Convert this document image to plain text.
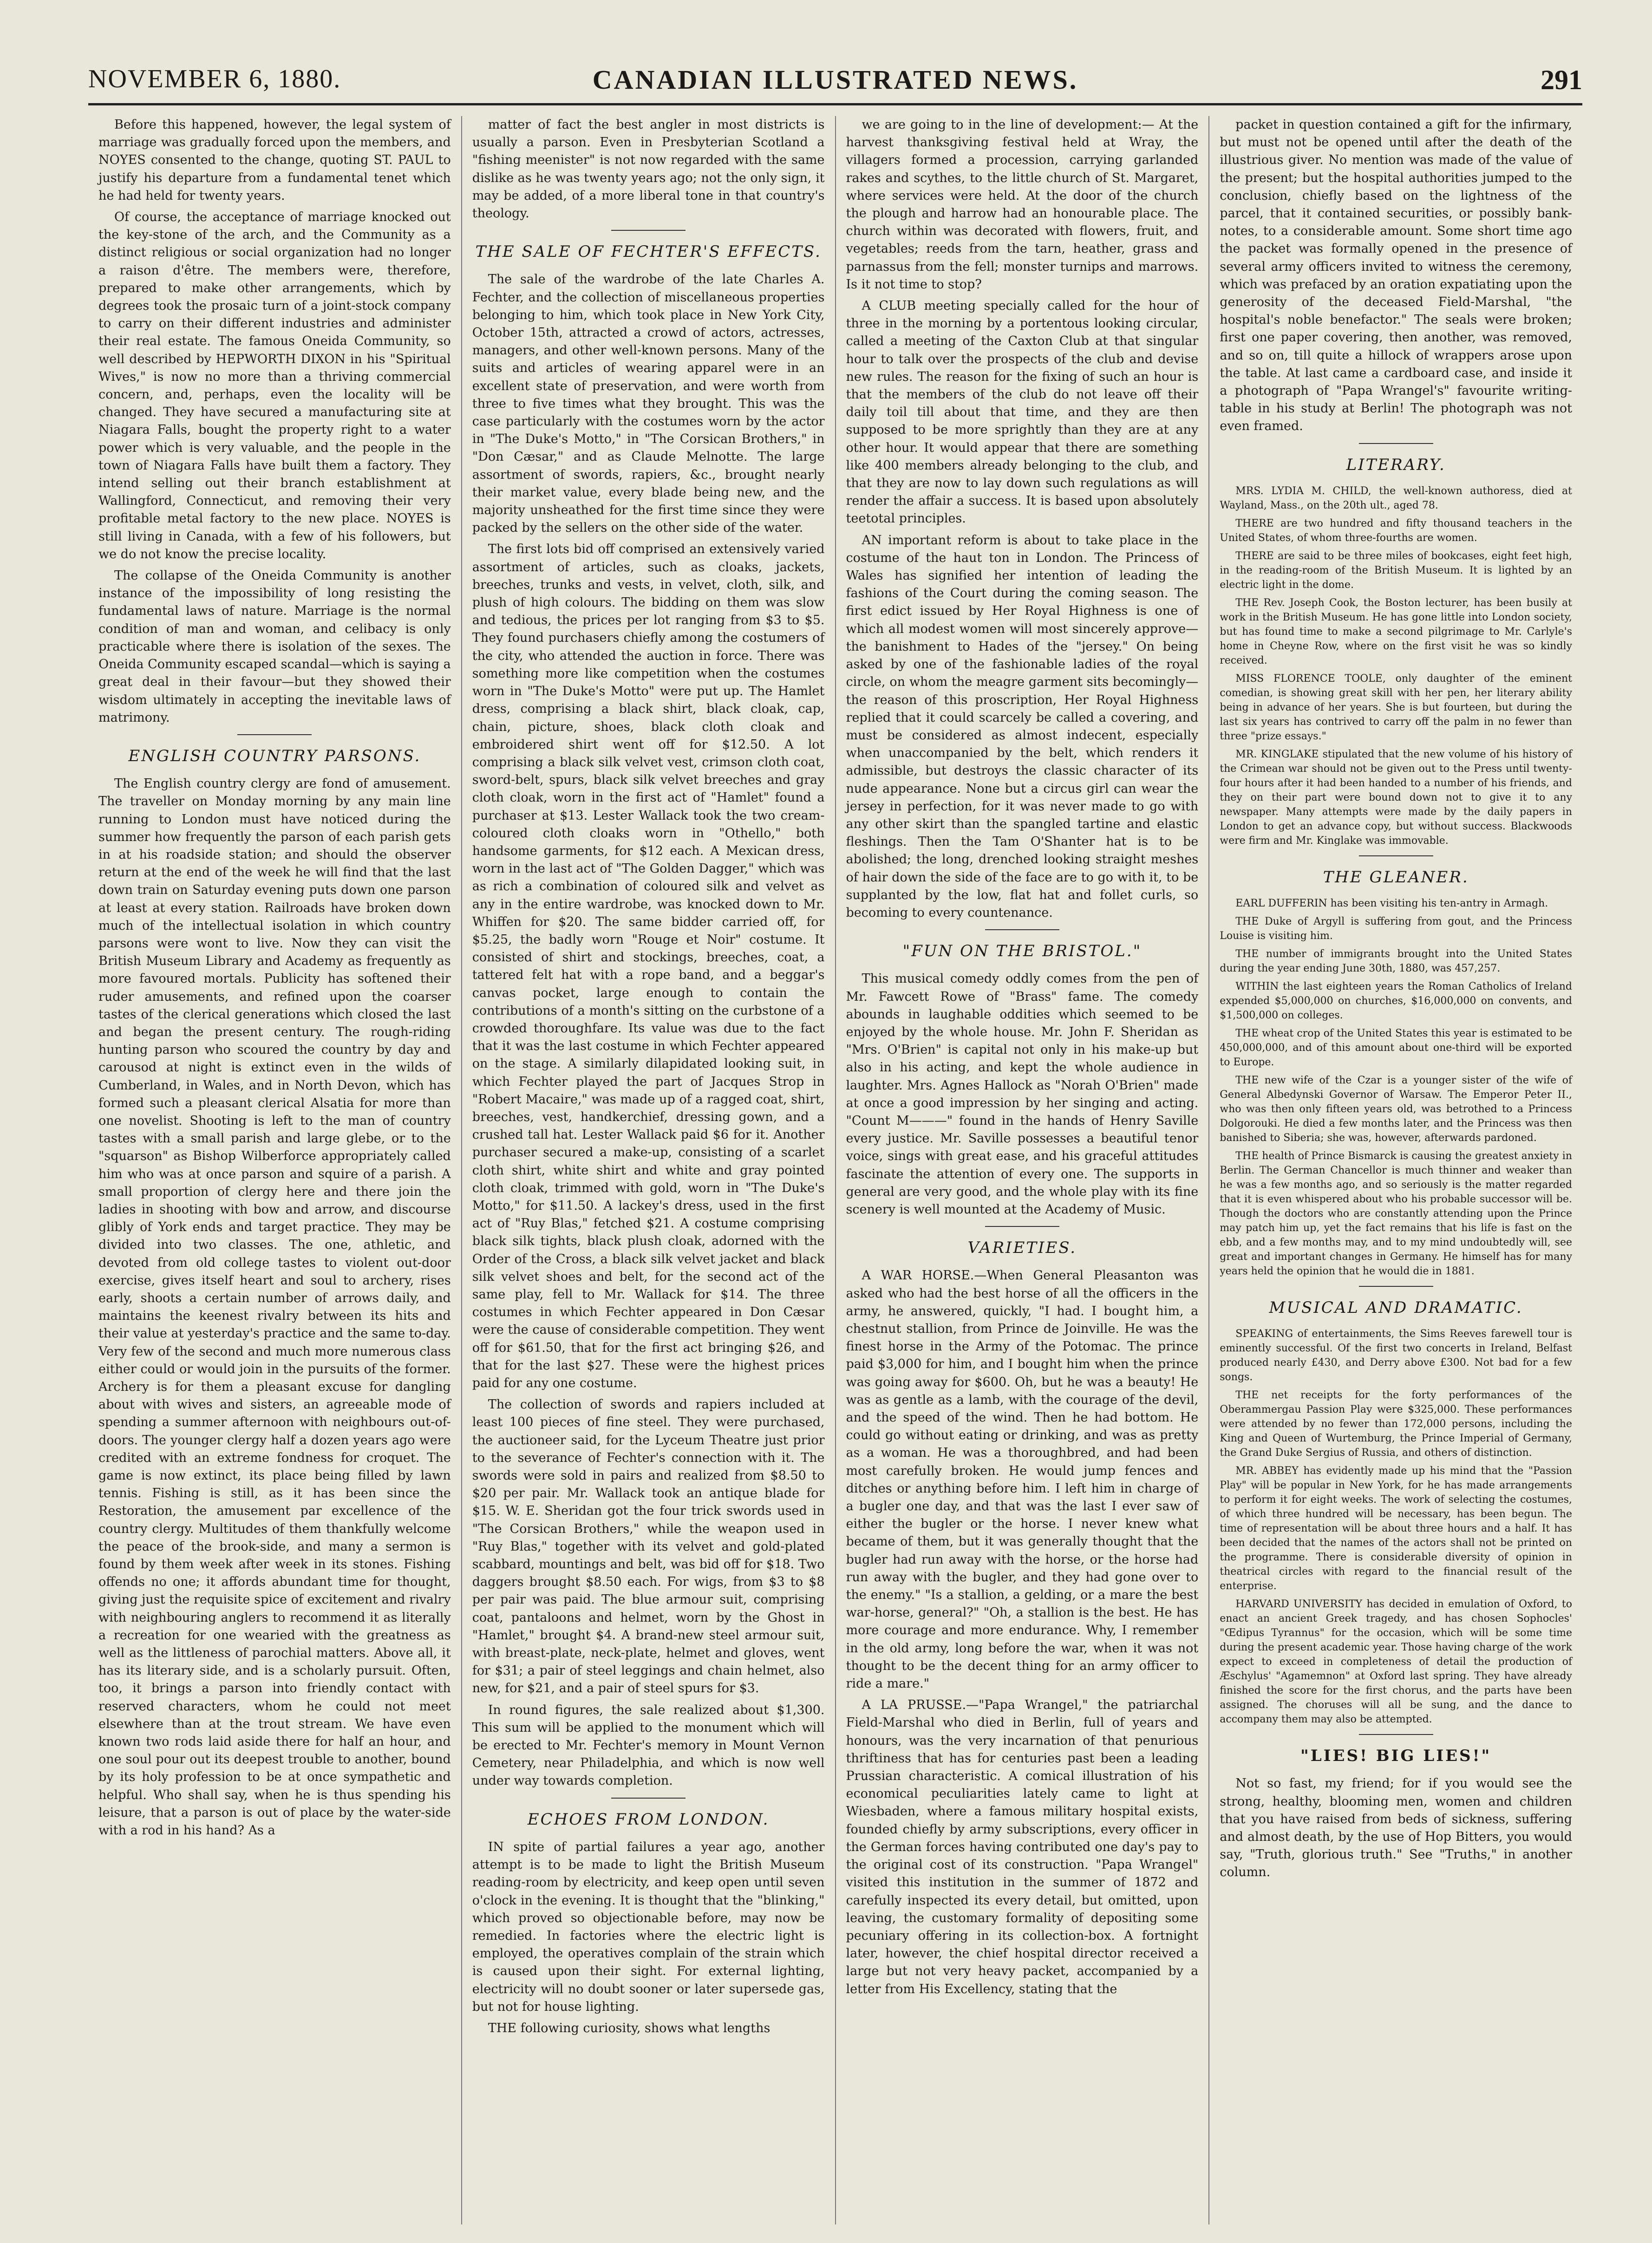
NOVEMBER 6, 1880.	CANADIAN ILLUSTRATED NEWS.	291

Before this happened, however, the legal system of marriage was gradually forced upon the members, and NOYES consented to the change, quoting ST. PAUL to justify his departure from a fundamental tenet which he had held for twenty years.

Of course, the acceptance of marriage knocked out the key-stone of the arch, and the Community as a distinct religious or social organization had no longer a raison d'être. The members were, therefore, prepared to make other arrangements, which by degrees took the prosaic turn of a joint-stock company to carry on their different industries and administer their real estate. The famous Oneida Community, so well described by HEPWORTH DIXON in his "Spiritual Wives," is now no more than a thriving commercial concern, and, perhaps, even the locality will be changed. They have secured a manufacturing site at Niagara Falls, bought the property right to a water power which is very valuable, and the people in the town of Niagara Falls have built them a factory. They intend selling out their branch establishment at Wallingford, Connecticut, and removing their very profitable metal factory to the new place. NOYES is still living in Canada, with a few of his followers, but we do not know the precise locality.

The collapse of the Oneida Community is another instance of the impossibility of long resisting the fundamental laws of nature. Marriage is the normal condition of man and woman, and celibacy is only practicable where there is isolation of the sexes. The Oneida Community escaped scandal—which is saying a great deal in their favour—but they showed their wisdom ultimately in accepting the inevitable laws of matrimony.

ENGLISH COUNTRY PARSONS.

The English country clergy are fond of amusement. The traveller on Monday morning by any main line running to London must have noticed during the summer how frequently the parson of each parish gets in at his roadside station; and should the observer return at the end of the week he will find that the last down train on Saturday evening puts down one parson at least at every station. Railroads have broken down much of the intellectual isolation in which country parsons were wont to live. Now they can visit the British Museum Library and Academy as frequently as more favoured mortals. Publicity has softened their ruder amusements, and refined upon the coarser tastes of the clerical generations which closed the last and began the present century. The rough-riding hunting parson who scoured the country by day and carousod at night is extinct even in the wilds of Cumberland, in Wales, and in North Devon, which has formed such a pleasant clerical Alsatia for more than one novelist. Shooting is left to the man of country tastes with a small parish and large glebe, or to the "squarson" as Bishop Wilberforce appropriately called him who was at once parson and squire of a parish. A small proportion of clergy here and there join the ladies in shooting with bow and arrow, and discourse glibly of York ends and target practice. They may be divided into two classes. The one, athletic, and devoted from old college tastes to violent out-door exercise, gives itself heart and soul to archery, rises early, shoots a certain number of arrows daily, and maintains the keenest rivalry between its hits and their value at yesterday's practice and the same to-day. Very few of the second and much more numerous class either could or would join in the pursuits of the former. Archery is for them a pleasant excuse for dangling about with wives and sisters, an agreeable mode of spending a summer afternoon with neighbours out-of-doors. The younger clergy half a dozen years ago were credited with an extreme fondness for croquet. The game is now extinct, its place being filled by lawn tennis. Fishing is still, as it has been since the Restoration, the amusement par excellence of the country clergy. Multitudes of them thankfully welcome the peace of the brook-side, and many a sermon is found by them week after week in its stones. Fishing offends no one; it affords abundant time for thought, giving just the requisite spice of excitement and rivalry with neighbouring anglers to recommend it as literally a recreation for one wearied with the greatness as well as the littleness of parochial matters. Above all, it has its literary side, and is a scholarly pursuit. Often, too, it brings a parson into friendly contact with reserved characters, whom he could not meet elsewhere than at the trout stream. We have even known two rods laid aside there for half an hour, and one soul pour out its deepest trouble to another, bound by its holy profession to be at once sympathetic and helpful. Who shall say, when he is thus spending his leisure, that a parson is out of place by the water-side with a rod in his hand? As a

matter of fact the best angler in most districts is usually a parson. Even in Presbyterian Scotland a "fishing meenister" is not now regarded with the same dislike as he was twenty years ago; not the only sign, it may be added, of a more liberal tone in that country's theology.

THE SALE OF FECHTER'S EFFECTS.

The sale of the wardrobe of the late Charles A. Fechter, and the collection of miscellaneous properties belonging to him, which took place in New York City, October 15th, attracted a crowd of actors, actresses, managers, and other well-known persons. Many of the suits and articles of wearing apparel were in an excellent state of preservation, and were worth from three to five times what they brought. This was the case particularly with the costumes worn by the actor in "The Duke's Motto," in "The Corsican Brothers," in "Don Cæsar," and as Claude Melnotte. The large assortment of swords, rapiers, &c., brought nearly their market value, every blade being new, and the majority unsheathed for the first time since they were packed by the sellers on the other side of the water.

The first lots bid off comprised an extensively varied assortment of articles, such as cloaks, jackets, breeches, trunks and vests, in velvet, cloth, silk, and plush of high colours. The bidding on them was slow and tedious, the prices per lot ranging from $3 to $5. They found purchasers chiefly among the costumers of the city, who attended the auction in force. There was something more like competition when the costumes worn in "The Duke's Motto" were put up. The Hamlet dress, comprising a black shirt, black cloak, cap, chain, picture, shoes, black cloth cloak and embroidered shirt went off for $12.50. A lot comprising a black silk velvet vest, crimson cloth coat, sword-belt, spurs, black silk velvet breeches and gray cloth cloak, worn in the first act of "Hamlet" found a purchaser at $13. Lester Wallack took the two cream-coloured cloth cloaks worn in "Othello," both handsome garments, for $12 each. A Mexican dress, worn in the last act of "The Golden Dagger," which was as rich a combination of coloured silk and velvet as any in the entire wardrobe, was knocked down to Mr. Whiffen for $20. The same bidder carried off, for $5.25, the badly worn "Rouge et Noir" costume. It consisted of shirt and stockings, breeches, coat, a tattered felt hat with a rope band, and a beggar's canvas pocket, large enough to contain the contributions of a month's sitting on the curbstone of a crowded thoroughfare. Its value was due to the fact that it was the last costume in which Fechter appeared on the stage. A similarly dilapidated looking suit, in which Fechter played the part of Jacques Strop in "Robert Macaire," was made up of a ragged coat, shirt, breeches, vest, handkerchief, dressing gown, and a crushed tall hat. Lester Wallack paid $6 for it. Another purchaser secured a make-up, consisting of a scarlet cloth shirt, white shirt and white and gray pointed cloth cloak, trimmed with gold, worn in "The Duke's Motto," for $11.50. A lackey's dress, used in the first act of "Ruy Blas," fetched $21. A costume comprising black silk tights, black plush cloak, adorned with the Order of the Cross, a black silk velvet jacket and black silk velvet shoes and belt, for the second act of the same play, fell to Mr. Wallack for $14. The three costumes in which Fechter appeared in Don Cæsar were the cause of considerable competition. They went off for $61.50, that for the first act bringing $26, and that for the last $27. These were the highest prices paid for any one costume.

The collection of swords and rapiers included at least 100 pieces of fine steel. They were purchased, the auctioneer said, for the Lyceum Theatre just prior to the severance of Fechter's connection with it. The swords were sold in pairs and realized from $8.50 to $20 per pair. Mr. Wallack took an antique blade for $15. W. E. Sheridan got the four trick swords used in "The Corsican Brothers," while the weapon used in "Ruy Blas," together with its velvet and gold-plated scabbard, mountings and belt, was bid off for $18. Two daggers brought $8.50 each. For wigs, from $3 to $8 per pair was paid. The blue armour suit, comprising coat, pantaloons and helmet, worn by the Ghost in "Hamlet," brought $4. A brand-new steel armour suit, with breast-plate, neck-plate, helmet and gloves, went for $31; a pair of steel leggings and chain helmet, also new, for $21, and a pair of steel spurs for $3.

In round figures, the sale realized about $1,300. This sum will be applied to the monument which will be erected to Mr. Fechter's memory in Mount Vernon Cemetery, near Philadelphia, and which is now well under way towards completion.

ECHOES FROM LONDON.

IN spite of partial failures a year ago, another attempt is to be made to light the British Museum reading-room by electricity, and keep open until seven o'clock in the evening. It is thought that the "blinking," which proved so objectionable before, may now be remedied. In factories where the electric light is employed, the operatives complain of the strain which is caused upon their sight. For external lighting, electricity will no doubt sooner or later supersede gas, but not for house lighting.

THE following curiosity, shows what lengths

we are going to in the line of development:— At the harvest thanksgiving festival held at Wray, the villagers formed a procession, carrying garlanded rakes and scythes, to the little church of St. Margaret, where services were held. At the door of the church the plough and harrow had an honourable place. The church within was decorated with flowers, fruit, and vegetables; reeds from the tarn, heather, grass and parnassus from the fell; monster turnips and marrows. Is it not time to stop?

A CLUB meeting specially called for the hour of three in the morning by a portentous looking circular, called a meeting of the Caxton Club at that singular hour to talk over the prospects of the club and devise new rules. The reason for the fixing of such an hour is that the members of the club do not leave off their daily toil till about that time, and they are then supposed to be more sprightly than they are at any other hour. It would appear that there are something like 400 members already belonging to the club, and that they are now to lay down such regulations as will render the affair a success. It is based upon absolutely teetotal principles.

AN important reform is about to take place in the costume of the haut ton in London. The Princess of Wales has signified her intention of leading the fashions of the Court during the coming season. The first edict issued by Her Royal Highness is one of which all modest women will most sincerely approve—the banishment to Hades of the "jersey." On being asked by one of the fashionable ladies of the royal circle, on whom the meagre garment sits becomingly—the reason of this proscription, Her Royal Highness replied that it could scarcely be called a covering, and must be considered as almost indecent, especially when unaccompanied by the belt, which renders it admissible, but destroys the classic character of its nude appearance. None but a circus girl can wear the jersey in perfection, for it was never made to go with any other skirt than the spangled tartine and elastic fleshings. Then the Tam O'Shanter hat is to be abolished; the long, drenched looking straight meshes of hair down the side of the face are to go with it, to be supplanted by the low, flat hat and follet curls, so becoming to every countenance.

"FUN ON THE BRISTOL."

This musical comedy oddly comes from the pen of Mr. Fawcett Rowe of "Brass" fame. The comedy abounds in laughable oddities which seemed to be enjoyed by the whole house. Mr. John F. Sheridan as "Mrs. O'Brien" is capital not only in his make-up but also in his acting, and kept the whole audience in laughter. Mrs. Agnes Hallock as "Norah O'Brien" made at once a good impression by her singing and acting. "Count M———" found in the hands of Henry Saville every justice. Mr. Saville possesses a beautiful tenor voice, sings with great ease, and his graceful attitudes fascinate the attention of every one. The supports in general are very good, and the whole play with its fine scenery is well mounted at the Academy of Music.

VARIETIES.

A WAR HORSE.—When General Pleasanton was asked who had the best horse of all the officers in the army, he answered, quickly, "I had. I bought him, a chestnut stallion, from Prince de Joinville. He was the finest horse in the Army of the Potomac. The prince paid $3,000 for him, and I bought him when the prince was going away for $600. Oh, but he was a beauty! He was as gentle as a lamb, with the courage of the devil, and the speed of the wind. Then he had bottom. He could go without eating or drinking, and was as pretty as a woman. He was a thoroughbred, and had been most carefully broken. He would jump fences and ditches or anything before him. I left him in charge of a bugler one day, and that was the last I ever saw of either the bugler or the horse. I never knew what became of them, but it was generally thought that the bugler had run away with the horse, or the horse had run away with the bugler, and they had gone over to the enemy." "Is a stallion, a gelding, or a mare the best war-horse, general?" "Oh, a stallion is the best. He has more courage and more endurance. Why, I remember in the old army, long before the war, when it was not thought to be the decent thing for an army officer to ride a mare."

A LA PRUSSE.—"Papa Wrangel," the patriarchal Field-Marshal who died in Berlin, full of years and honours, was the very incarnation of that penurious thriftiness that has for centuries past been a leading Prussian characteristic. A comical illustration of his economical peculiarities lately came to light at Wiesbaden, where a famous military hospital exists, founded chiefly by army subscriptions, every officer in the German forces having contributed one day's pay to the original cost of its construction. "Papa Wrangel" visited this institution in the summer of 1872 and carefully inspected its every detail, but omitted, upon leaving, the customary formality of depositing some pecuniary offering in its collection-box. A fortnight later, however, the chief hospital director received a large but not very heavy packet, accompanied by a letter from His Excellency, stating that the

packet in question contained a gift for the infirmary, but must not be opened until after the death of the illustrious giver. No mention was made of the value of the present; but the hospital authorities jumped to the conclusion, chiefly based on the lightness of the parcel, that it contained securities, or possibly bank-notes, to a considerable amount. Some short time ago the packet was formally opened in the presence of several army officers invited to witness the ceremony, which was prefaced by an oration expatiating upon the generosity of the deceased Field-Marshal, "the hospital's noble benefactor." The seals were broken; first one paper covering, then another, was removed, and so on, till quite a hillock of wrappers arose upon the table. At last came a cardboard case, and inside it a photograph of "Papa Wrangel's" favourite writing-table in his study at Berlin! The photograph was not even framed.

LITERARY.

MRS. LYDIA M. CHILD, the well-known authoress, died at Wayland, Mass., on the 20th ult., aged 78.

THERE are two hundred and fifty thousand teachers in the United States, of whom three-fourths are women.

THERE are said to be three miles of bookcases, eight feet high, in the reading-room of the British Museum. It is lighted by an electric light in the dome.

THE Rev. Joseph Cook, the Boston lecturer, has been busily at work in the British Museum. He has gone little into London society, but has found time to make a second pilgrimage to Mr. Carlyle's home in Cheyne Row, where on the first visit he was so kindly received.

MISS FLORENCE TOOLE, only daughter of the eminent comedian, is showing great skill with her pen, her literary ability being in advance of her years. She is but fourteen, but during the last six years has contrived to carry off the palm in no fewer than three "prize essays."

MR. KINGLAKE stipulated that the new volume of his history of the Crimean war should not be given out to the Press until twenty-four hours after it had been handed to a number of his friends, and they on their part were bound down not to give it to any newspaper. Many attempts were made by the daily papers in London to get an advance copy, but without success. Blackwoods were firm and Mr. Kinglake was immovable.

THE GLEANER.

EARL DUFFERIN has been visiting his ten-antry in Armagh.

THE Duke of Argyll is suffering from gout, and the Princess Louise is visiting him.

THE number of immigrants brought into the United States during the year ending June 30th, 1880, was 457,257.

WITHIN the last eighteen years the Roman Catholics of Ireland expended $5,000,000 on churches, $16,000,000 on convents, and $1,500,000 on colleges.

THE wheat crop of the United States this year is estimated to be 450,000,000, and of this amount about one-third will be exported to Europe.

THE new wife of the Czar is a younger sister of the wife of General Albedynski Governor of Warsaw. The Emperor Peter II., who was then only fifteen years old, was betrothed to a Princess Dolgorouki. He died a few months later, and the Princess was then banished to Siberia; she was, however, afterwards pardoned.

THE health of Prince Bismarck is causing the greatest anxiety in Berlin. The German Chancellor is much thinner and weaker than he was a few months ago, and so seriously is the matter regarded that it is even whispered about who his probable successor will be. Though the doctors who are constantly attending upon the Prince may patch him up, yet the fact remains that his life is fast on the ebb, and a few months may, and to my mind undoubtedly will, see great and important changes in Germany. He himself has for many years held the opinion that he would die in 1881.

MUSICAL AND DRAMATIC.

SPEAKING of entertainments, the Sims Reeves farewell tour is eminently successful. Of the first two concerts in Ireland, Belfast produced nearly £430, and Derry above £300. Not bad for a few songs.

THE net receipts for the forty performances of the Oberammergau Passion Play were $325,000. These performances were attended by no fewer than 172,000 persons, including the King and Queen of Wurtemburg, the Prince Imperial of Germany, the Grand Duke Sergius of Russia, and others of distinction.

MR. ABBEY has evidently made up his mind that the "Passion Play" will be popular in New York, for he has made arrangements to perform it for eight weeks. The work of selecting the costumes, of which three hundred will be necessary, has been begun. The time of representation will be about three hours and a half. It has been decided that the names of the actors shall not be printed on the programme. There is considerable diversity of opinion in theatrical circles with regard to the financial result of the enterprise.

HARVARD UNIVERSITY has decided in emulation of Oxford, to enact an ancient Greek tragedy, and has chosen Sophocles' "Œdipus Tyrannus" for the occasion, which will be some time during the present academic year. Those having charge of the work expect to exceed in completeness of detail the production of Æschylus' "Agamemnon" at Oxford last spring. They have already finished the score for the first chorus, and the parts have been assigned. The choruses will all be sung, and the dance to accompany them may also be attempted.

"LIES! BIG LIES!"

Not so fast, my friend; for if you would see the strong, healthy, blooming men, women and children that you have raised from beds of sickness, suffering and almost death, by the use of Hop Bitters, you would say, "Truth, glorious truth." See "Truths," in another column.
